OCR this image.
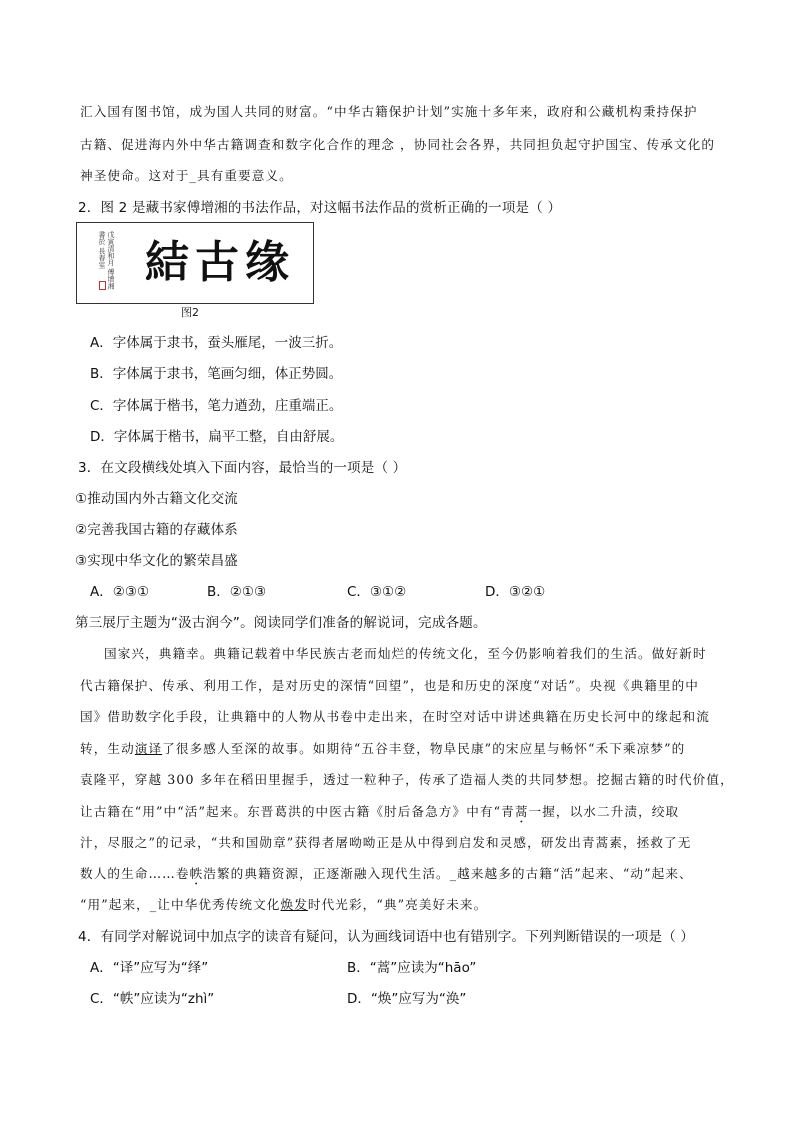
汇入国有图书馆，成为国人共同的财富。“中华古籍保护计划”实施十多年来，政府和公藏机构秉持保护
古籍、促进海内外中华古籍调查和数字化合作的理念 ，协同社会各界，共同担负起守护国宝、传承文化的
神圣使命。这对于_具有重要意义。
2．图 2 是藏书家傅增湘的书法作品，对这幅书法作品的赏析正确的一项是（ ）
戊寅清和月 傅增湘書於 長春室 結古缘
图2
A．字体属于隶书，蚕头雁尾，一波三折。
B．字体属于隶书，笔画匀细，体正势圆。
C．字体属于楷书，笔力遒劲，庄重端正。
D．字体属于楷书，扁平工整，自由舒展。
3．在文段横线处填入下面内容，最恰当的一项是（ ）
①推动国内外古籍文化交流
②完善我国古籍的存藏体系
③实现中华文化的繁荣昌盛
A．②③①	B．②①③	C．③①②	D．③②①
第三展厅主题为“汲古润今”。阅读同学们准备的解说词，完成各题。
国家兴，典籍幸。典籍记载着中华民族古老而灿烂的传统文化，至今仍影响着我们的生活。做好新时
代古籍保护、传承、利用工作，是对历史的深情“回望”，也是和历史的深度“对话”。央视《典籍里的中
国》借助数字化手段，让典籍中的人物从书卷中走出来，在时空对话中讲述典籍在历史长河中的缘起和流
转，生动演译了很多感人至深的故事。如期待“五谷丰登，物阜民康”的宋应星与畅怀“禾下乘凉梦”的
袁隆平，穿越 300 多年在稻田里握手，透过一粒种子，传承了造福人类的共同梦想。挖掘古籍的时代价值，
让古籍在“用”中“活”起来。东晋葛洪的中医古籍《肘后备急方》中有“青蒿一握，以水二升渍，绞取
汁，尽服之”的记录，“共和国勋章”获得者屠呦呦正是从中得到启发和灵感，研发出青蒿素，拯救了无
数人的生命……卷帙浩繁的典籍资源，正逐渐融入现代生活。_越来越多的古籍“活”起来、“动”起来、
“用”起来，_让中华优秀传统文化焕发时代光彩，“典”亮美好未来。
4．有同学对解说词中加点字的读音有疑问，认为画线词语中也有错别字。下列判断错误的一项是（ ）
A．“译”应写为“绎”	B．“蒿”应读为“hāo”
C．“帙”应读为“zhì”	D．“焕”应写为“涣”
